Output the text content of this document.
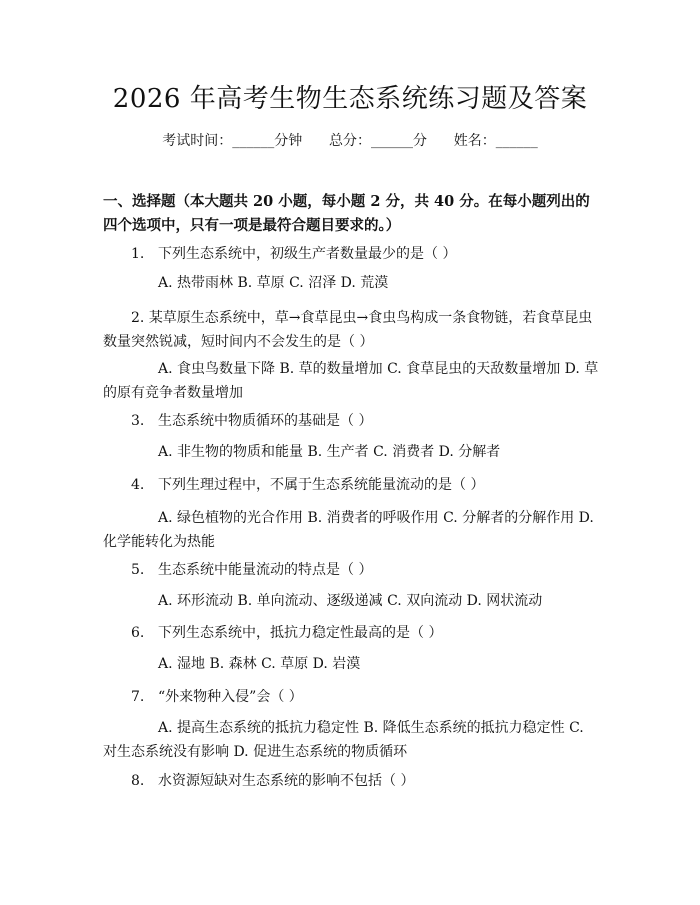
2026 年高考生物生态系统练习题及答案
考试时间：______分钟 总分：______分 姓名：______
一、选择题（本大题共 20 小题，每小题 2 分，共 40 分。在每小题列出的四个选项中，只有一项是最符合题目要求的。）
1. 下列生态系统中，初级生产者数量最少的是（ ）
A. 热带雨林 B. 草原 C. 沼泽 D. 荒漠
2. 某草原生态系统中，草→食草昆虫→食虫鸟构成一条食物链，若食草昆虫数量突然锐减，短时间内不会发生的是（ ）
A. 食虫鸟数量下降 B. 草的数量增加 C. 食草昆虫的天敌数量增加 D. 草的原有竞争者数量增加
3. 生态系统中物质循环的基础是（ ）
A. 非生物的物质和能量 B. 生产者 C. 消费者 D. 分解者
4. 下列生理过程中，不属于生态系统能量流动的是（ ）
A. 绿色植物的光合作用 B. 消费者的呼吸作用 C. 分解者的分解作用 D. 化学能转化为热能
5. 生态系统中能量流动的特点是（ ）
A. 环形流动 B. 单向流动、逐级递减 C. 双向流动 D. 网状流动
6. 下列生态系统中，抵抗力稳定性最高的是（ ）
A. 湿地 B. 森林 C. 草原 D. 岩漠
7. “外来物种入侵”会（ ）
A. 提高生态系统的抵抗力稳定性 B. 降低生态系统的抵抗力稳定性 C. 对生态系统没有影响 D. 促进生态系统的物质循环
8. 水资源短缺对生态系统的影响不包括（ ）
